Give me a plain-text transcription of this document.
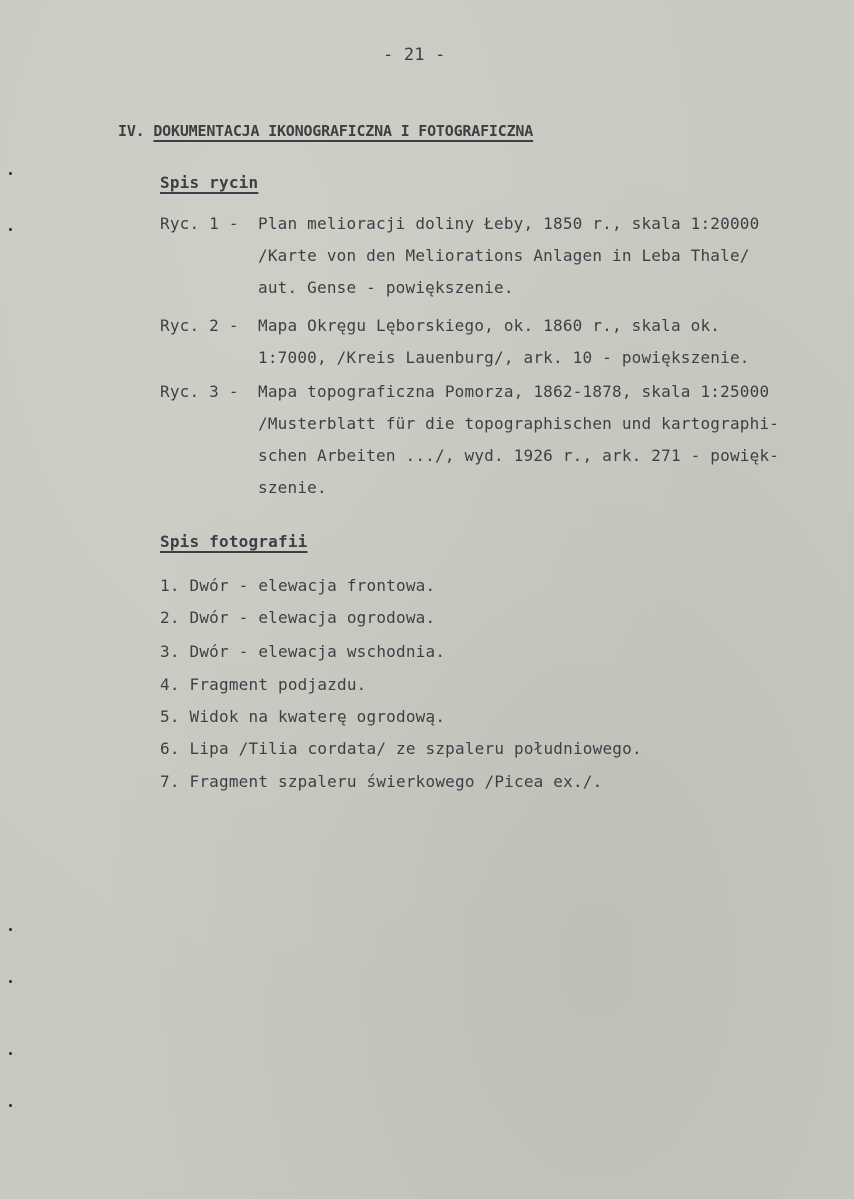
- 21 -
IV. DOKUMENTACJA IKONOGRAFICZNA I FOTOGRAFICZNA
Spis rycin
Ryc. 1 - Plan melioracji doliny Łeby, 1850 r., skala 1:20000
/Karte von den Meliorations Anlagen in Leba Thale/
aut. Gense - powiększenie.
Ryc. 2 - Mapa Okręgu Lęborskiego, ok. 1860 r., skala ok.
1:7000, /Kreis Lauenburg/, ark. 10 - powiększenie.
Ryc. 3 - Mapa topograficzna Pomorza, 1862-1878, skala 1:25000
/Musterblatt für die topographischen und kartographi-
schen Arbeiten .../, wyd. 1926 r., ark. 271 - powięk-
szenie.
Spis fotografii
1. Dwór - elewacja frontowa.
2. Dwór - elewacja ogrodowa.
3. Dwór - elewacja wschodnia.
4. Fragment podjazdu.
5. Widok na kwaterę ogrodową.
6. Lipa /Tilia cordata/ ze szpaleru południowego.
7. Fragment szpaleru świerkowego /Picea ex./.
